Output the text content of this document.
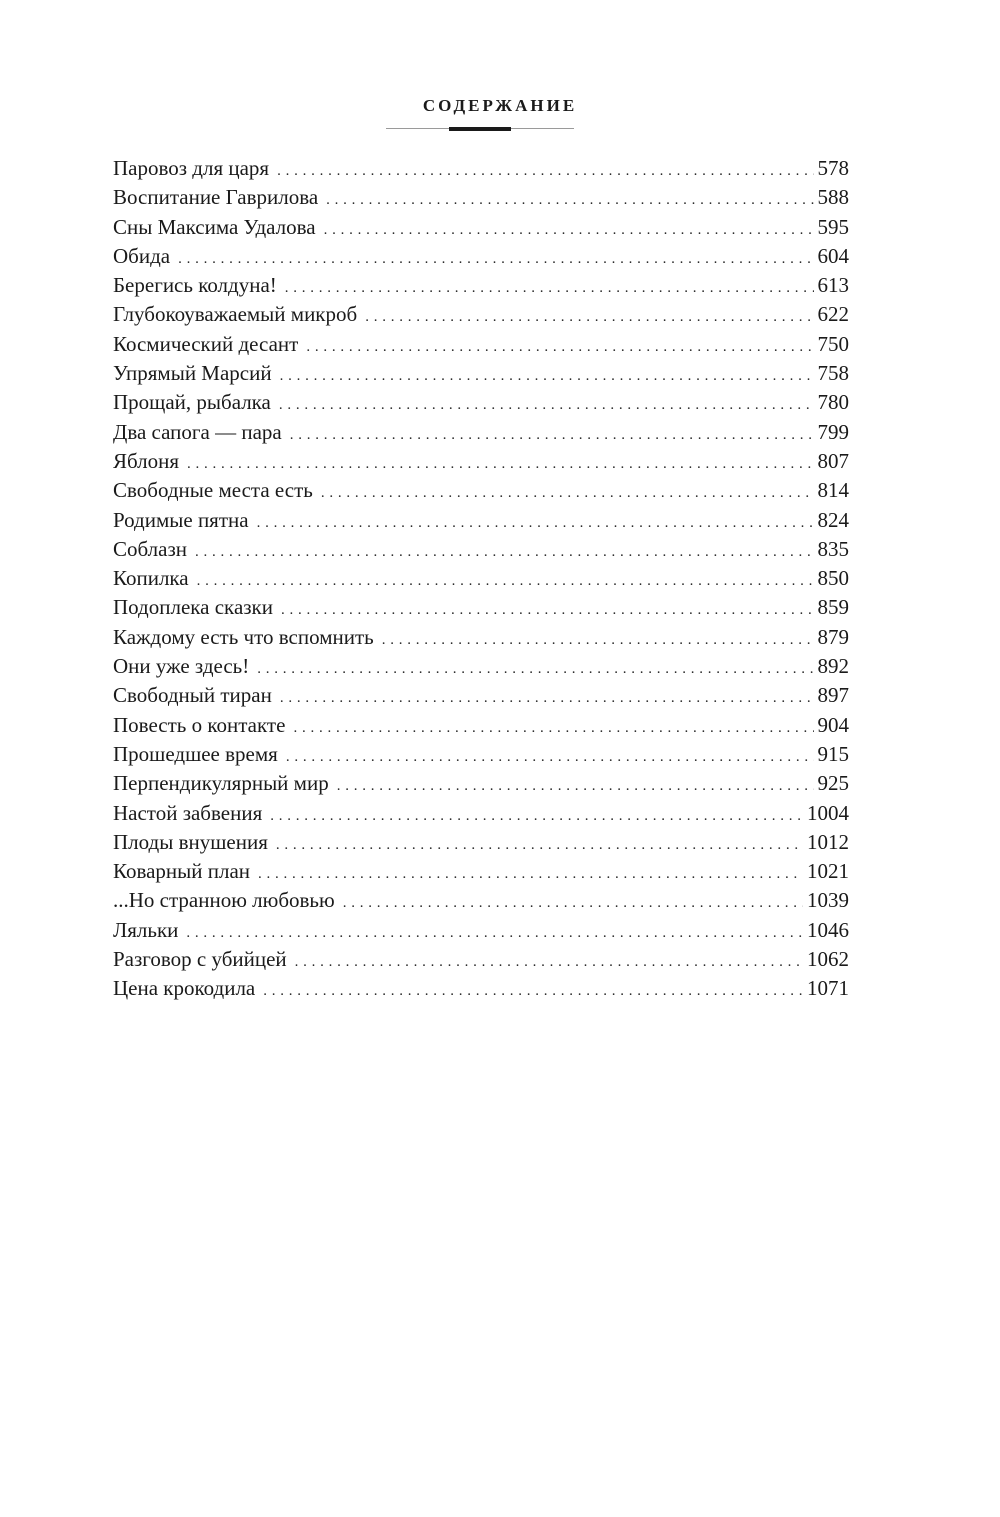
СОДЕРЖАНИЕ
Паровоз для царя . . .	578
Воспитание Гаврилова . . .	588
Сны Максима Удалова . . .	595
Обида . . .	604
Берегись колдуна! . . .	613
Глубокоуважаемый микроб . . .	622
Космический десант . . .	750
Упрямый Марсий . . .	758
Прощай, рыбалка . . .	780
Два сапога — пара . . .	799
Яблоня . . .	807
Свободные места есть . . .	814
Родимые пятна . . .	824
Соблазн . . .	835
Копилка . . .	850
Подоплека сказки . . .	859
Каждому есть что вспомнить . . .	879
Они уже здесь! . . .	892
Свободный тиран . . .	897
Повесть о контакте . . .	904
Прошедшее время . . .	915
Перпендикулярный мир . . .	925
Настой забвения . . .	1004
Плоды внушения . . .	1012
Коварный план . . .	1021
...Но странною любовью . . .	1039
Ляльки . . .	1046
Разговор с убийцей . . .	1062
Цена крокодила . . .	1071
